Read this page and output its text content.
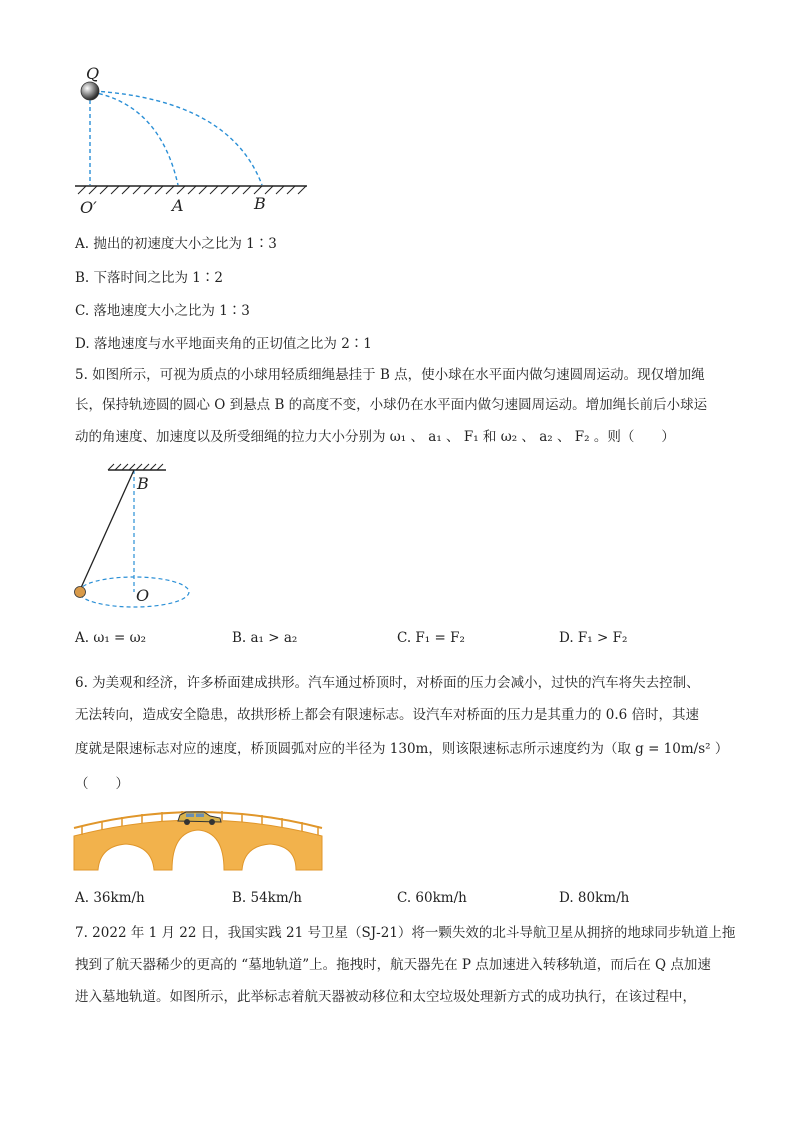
Q
O′	A	B
A. 抛出的初速度大小之比为 1∶3
B. 下落时间之比为 1∶2
C. 落地速度大小之比为 1∶3
D. 落地速度与水平地面夹角的正切值之比为 2∶1
5. 如图所示，可视为质点的小球用轻质细绳悬挂于 B 点，使小球在水平面内做匀速圆周运动。现仅增加绳
长，保持轨迹圆的圆心 O 到悬点 B 的高度不变，小球仍在水平面内做匀速圆周运动。增加绳长前后小球运
动的角速度、加速度以及所受细绳的拉力大小分别为 ω₁ 、 a₁ 、 F₁ 和 ω₂ 、 a₂ 、 F₂ 。则（　　）
B
O
A. ω₁ = ω₂	B. a₁ > a₂	C. F₁ = F₂	D. F₁ > F₂
6. 为美观和经济，许多桥面建成拱形。汽车通过桥顶时，对桥面的压力会减小，过快的汽车将失去控制、
无法转向，造成安全隐患，故拱形桥上都会有限速标志。设汽车对桥面的压力是其重力的 0.6 倍时，其速
度就是限速标志对应的速度，桥顶圆弧对应的半径为 130m，则该限速标志所示速度约为（取 g = 10m/s² ）
（　　）
A. 36km/h	B. 54km/h	C. 60km/h	D. 80km/h
7. 2022 年 1 月 22 日，我国实践 21 号卫星（SJ-21）将一颗失效的北斗导航卫星从拥挤的地球同步轨道上拖
拽到了航天器稀少的更高的 “墓地轨道”上。拖拽时，航天器先在 P 点加速进入转移轨道，而后在 Q 点加速
进入墓地轨道。如图所示，此举标志着航天器被动移位和太空垃圾处理新方式的成功执行，在该过程中，
